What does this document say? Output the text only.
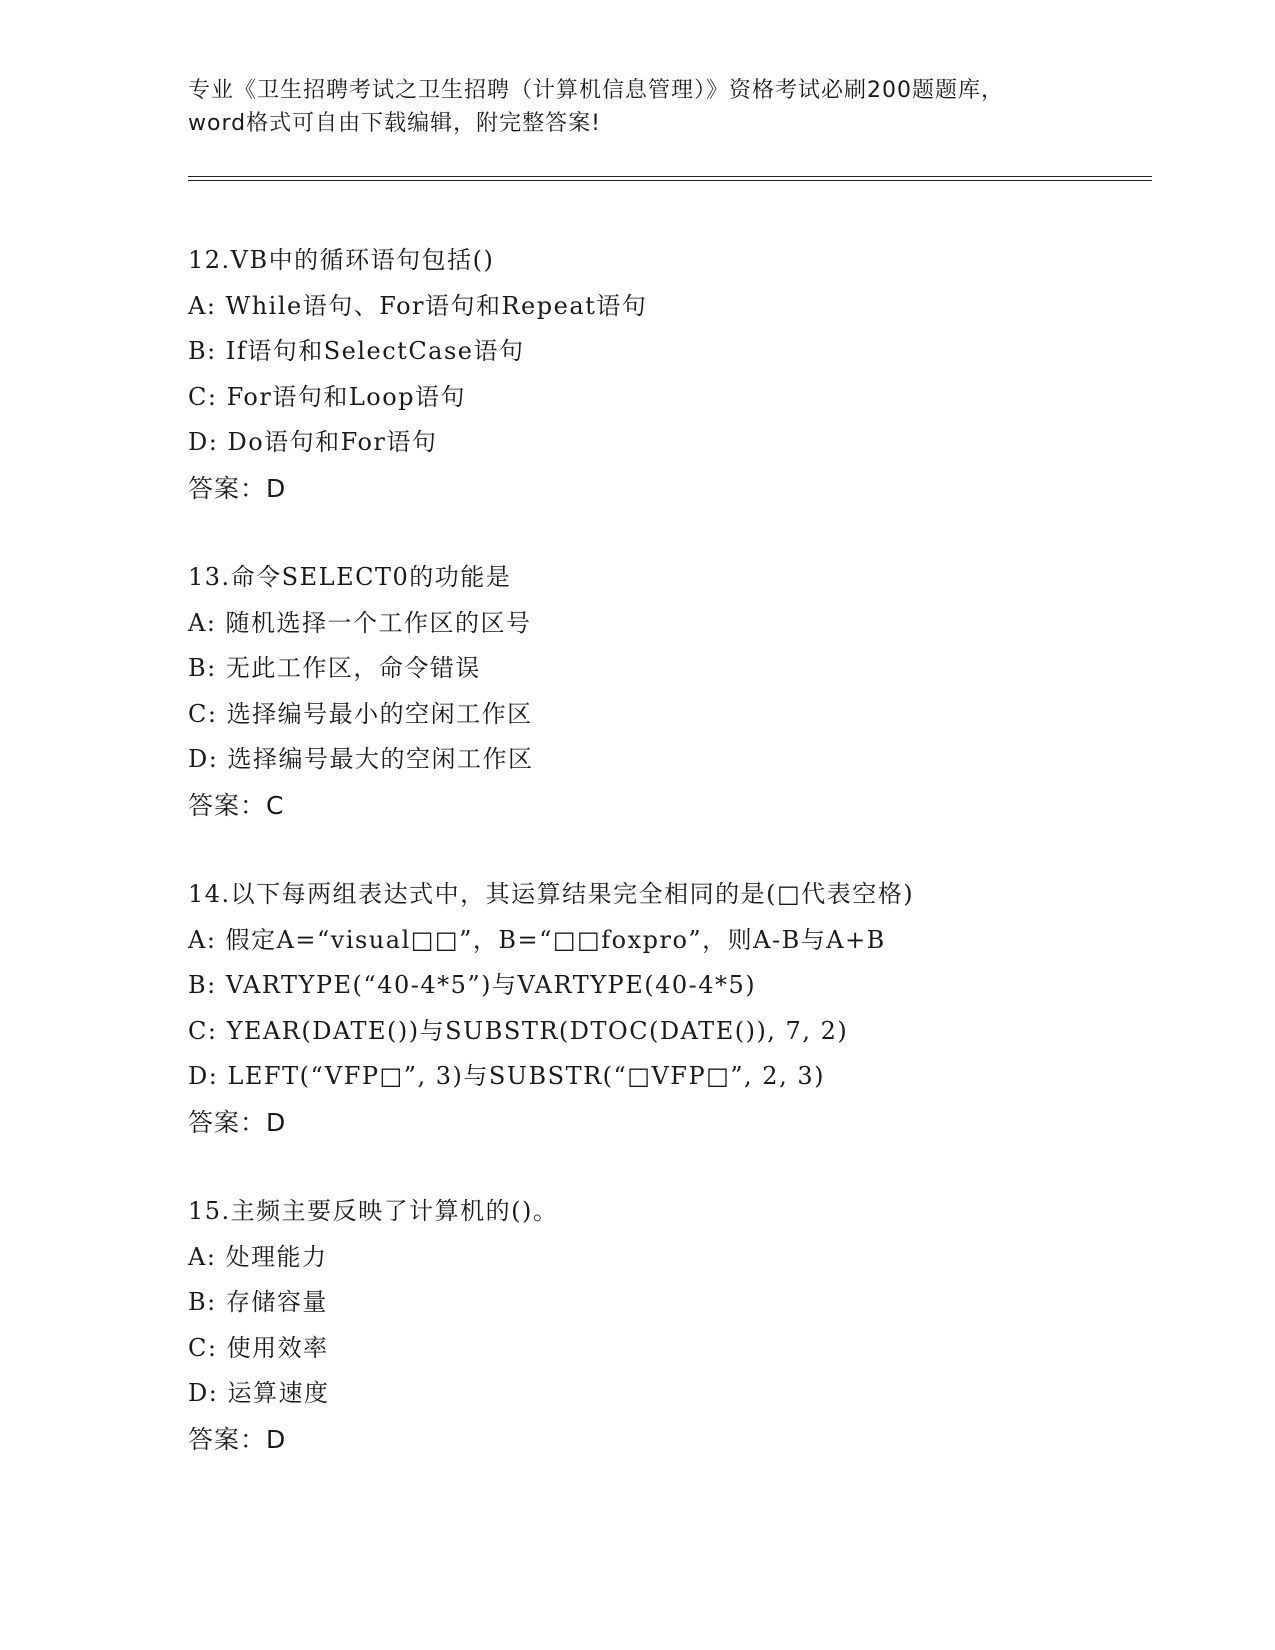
专业《卫生招聘考试之卫生招聘（计算机信息管理）》资格考试必刷200题题库，
word格式可自由下载编辑，附完整答案!
12.VB中的循环语句包括()
A: While语句、For语句和Repeat语句
B: If语句和SelectCase语句
C: For语句和Loop语句
D: Do语句和For语句
答案：D
13.命令SELECT0的功能是
A: 随机选择一个工作区的区号
B: 无此工作区，命令错误
C: 选择编号最小的空闲工作区
D: 选择编号最大的空闲工作区
答案：C
14.以下每两组表达式中，其运算结果完全相同的是(□代表空格)
A: 假定A=“visual□□”，B=“□□foxpro”，则A-B与A+B
B: VARTYPE(“40-4*5”)与VARTYPE(40-4*5)
C: YEAR(DATE())与SUBSTR(DTOC(DATE()), 7, 2)
D: LEFT(“VFP□”, 3)与SUBSTR(“□VFP□”, 2, 3)
答案：D
15.主频主要反映了计算机的()。
A: 处理能力
B: 存储容量
C: 使用效率
D: 运算速度
答案：D
